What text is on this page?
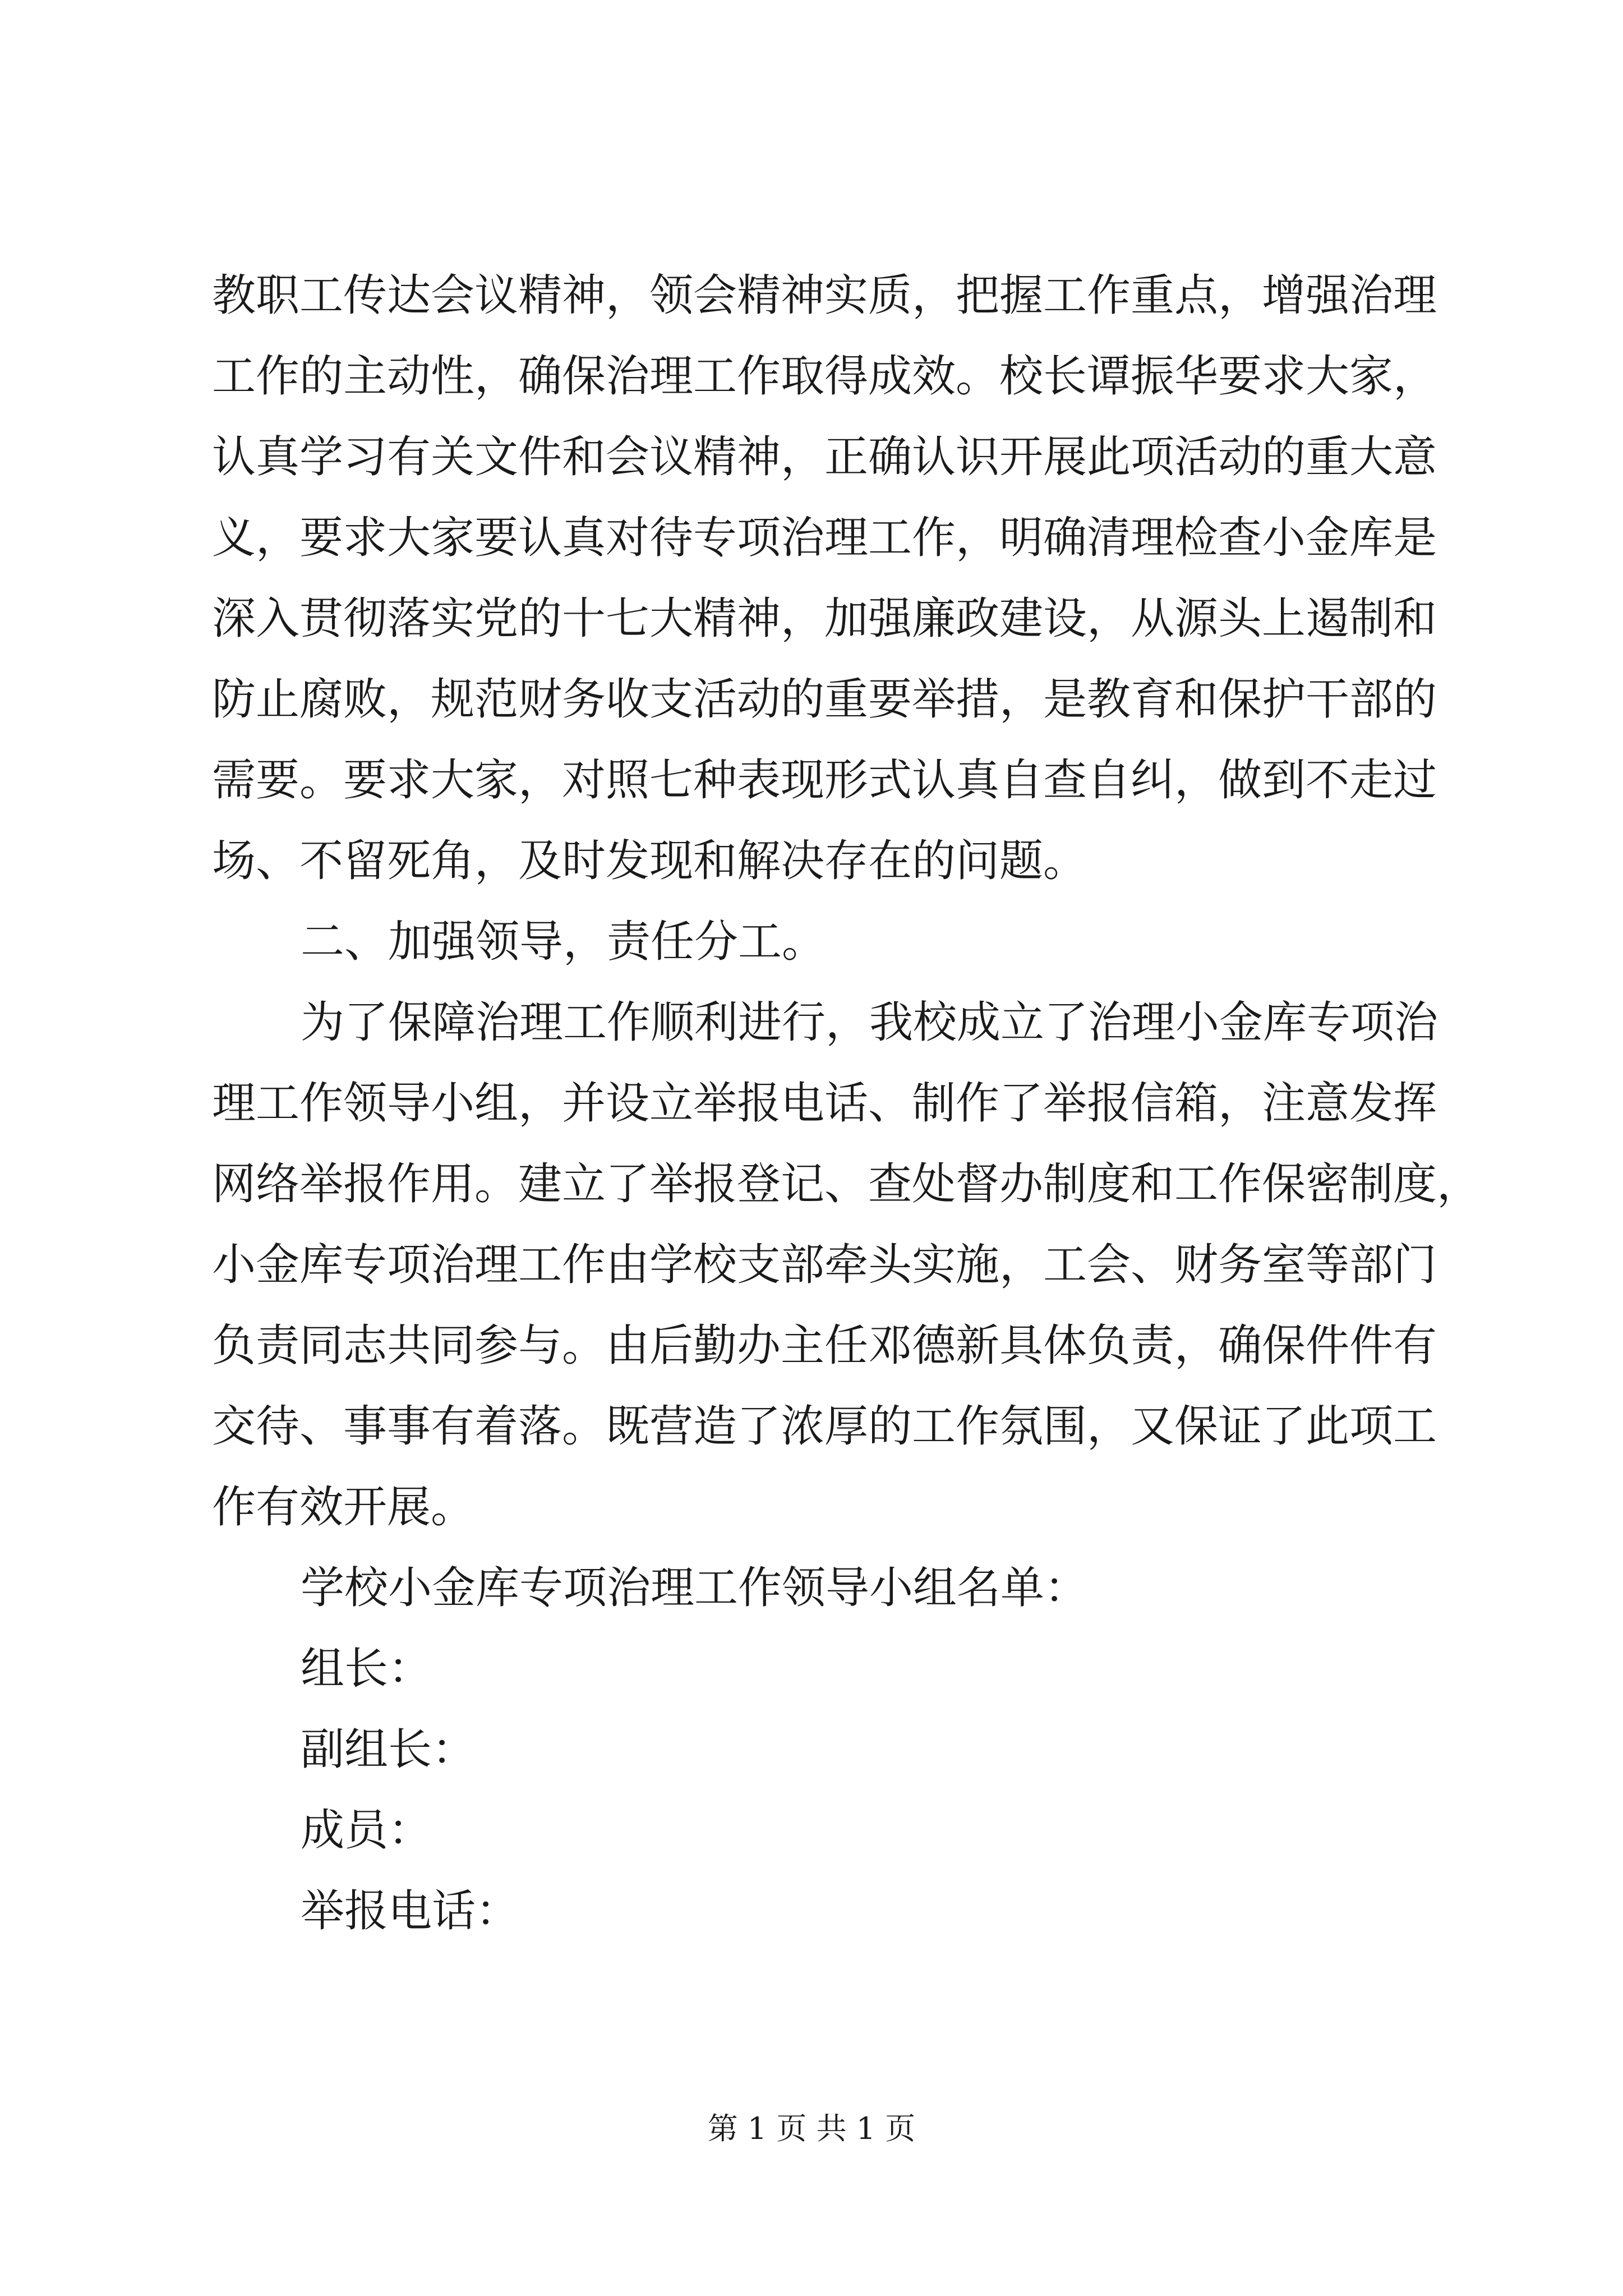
教职工传达会议精神，领会精神实质，把握工作重点，增强治理
工作的主动性，确保治理工作取得成效。校长谭振华要求大家，
认真学习有关文件和会议精神，正确认识开展此项活动的重大意
义，要求大家要认真对待专项治理工作，明确清理检查小金库是
深入贯彻落实党的十七大精神，加强廉政建设，从源头上遏制和
防止腐败，规范财务收支活动的重要举措，是教育和保护干部的
需要。要求大家，对照七种表现形式认真自查自纠，做到不走过
场、不留死角，及时发现和解决存在的问题。
二、加强领导，责任分工。
为了保障治理工作顺利进行，我校成立了治理小金库专项治
理工作领导小组，并设立举报电话、制作了举报信箱，注意发挥
网络举报作用。建立了举报登记、查处督办制度和工作保密制度，
小金库专项治理工作由学校支部牵头实施，工会、财务室等部门
负责同志共同参与。由后勤办主任邓德新具体负责，确保件件有
交待、事事有着落。既营造了浓厚的工作氛围，又保证了此项工
作有效开展。
学校小金库专项治理工作领导小组名单：
组长：
副组长：
成员：
举报电话：
第 1 页 共 1 页
